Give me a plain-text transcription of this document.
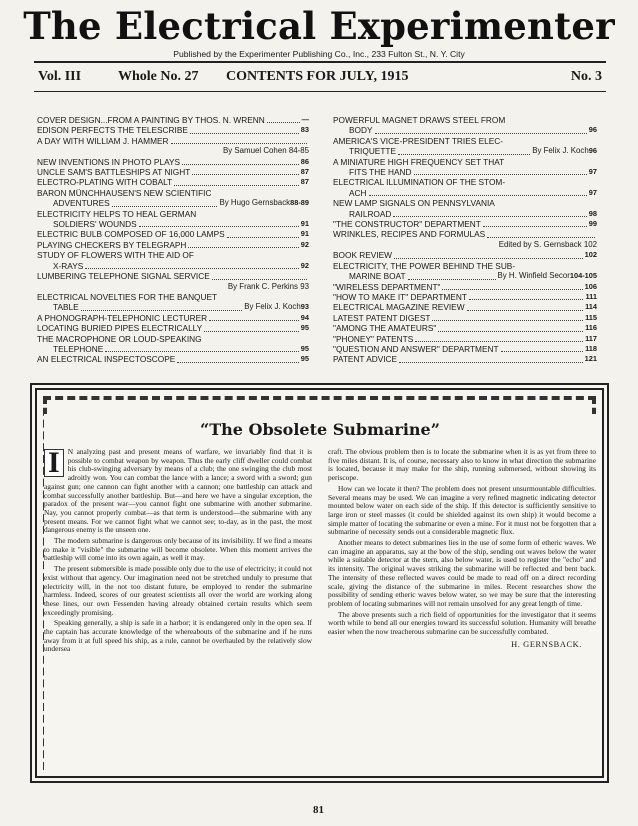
The Electrical Experimenter
Published by the Experimenter Publishing Co., Inc., 233 Fulton St., N. Y. City
Vol. III	Whole No. 27 CONTENTS FOR JULY, 1915	No. 3
COVER DESIGN...FROM A PAINTING BY THOS. N. WRENN	—
EDISON PERFECTS THE TELESCRIBE	83
A DAY WITH WILLIAM J. HAMMER
By Samuel Cohen 84-85
NEW INVENTIONS IN PHOTO PLAYS	86
UNCLE SAM'S BATTLESHIPS AT NIGHT	87
ELECTRO-PLATING WITH COBALT	87
BARON MÜNCHHAUSEN'S NEW SCIENTIFIC
ADVENTURES	By Hugo Gernsback 88-89
ELECTRICITY HELPS TO HEAL GERMAN
SOLDIERS' WOUNDS	91
ELECTRIC BULB COMPOSED OF 16,000 LAMPS	91
PLAYING CHECKERS BY TELEGRAPH	92
STUDY OF FLOWERS WITH THE AID OF
X-RAYS	92
LUMBERING TELEPHONE SIGNAL SERVICE
By Frank C. Perkins 93
ELECTRICAL NOVELTIES FOR THE BANQUET
TABLE	By Felix J. Koch 93
A PHONOGRAPH-TELEPHONIC LECTURER	94
LOCATING BURIED PIPES ELECTRICALLY	95
THE MACROPHONE OR LOUD-SPEAKING
TELEPHONE	95
AN ELECTRICAL INSPECTOSCOPE	95
POWERFUL MAGNET DRAWS STEEL FROM
BODY	96
AMERICA'S VICE-PRESIDENT TRIES ELEC-
TRIQUETTE	By Felix J. Koch 96
A MINIATURE HIGH FREQUENCY SET THAT
FITS THE HAND	97
ELECTRICAL ILLUMINATION OF THE STOM-
ACH	97
NEW LAMP SIGNALS ON PENNSYLVANIA
RAILROAD	98
"THE CONSTRUCTOR" DEPARTMENT	99
WRINKLES, RECIPES AND FORMULAS
Edited by S. Gernsback 102
BOOK REVIEW	102
ELECTRICITY, THE POWER BEHIND THE SUB-
MARINE BOAT	By H. Winfield Secor 104-105
"WIRELESS DEPARTMENT"	106
"HOW TO MAKE IT" DEPARTMENT	111
ELECTRICAL MAGAZINE REVIEW	114
LATEST PATENT DIGEST	115
"AMONG THE AMATEURS"	116
"PHONEY" PATENTS	117
"QUESTION AND ANSWER" DEPARTMENT	118
PATENT ADVICE	121
“The Obsolete Submarine”

I	N analyzing past and present means of warfare, we invariably find that it is possible to combat weapon by weapon. Thus the early cliff dweller could combat his club-swinging adversary by means of a club; the one swinging the club most adroitly won. You can combat the lance with a lance; a sword with a sword; gun against gun; one cannon can fight another with a cannon; one battleship can attack and combat successfully another battleship. But—and here we have a singular exception, the paradox of the present war—you cannot fight one submarine with another submarine. Nay, you cannot properly combat—as that term is understood—the submarine with any present means. For we cannot fight what we cannot see; to-day, as in the past, the most dangerous enemy is the unseen one.

The modern submarine is dangerous only because of its invisibility. If we find a means to make it "visible" the submarine will become obsolete. When this moment arrives the battleship will come into its own again, as well it may.

The present submersible is made possible only due to the use of electricity; it could not exist without that agency. Our imagination need not be stretched unduly to presume that electricity will, in the not too distant future, be employed to render the submarine harmless. Indeed, scores of our greatest scientists all over the world are working along these lines, our own Fessenden having already obtained certain results which seem exceedingly promising.

Speaking generally, a ship is safe in a harbor; it is endangered only in the open sea. If the captain has accurate knowledge of the whereabouts of the submarine and if he runs away from it at full speed his ship, as a rule, cannot be overhauled by the relatively slow undersea

craft. The obvious problem then is to locate the submarine when it is as yet from three to five miles distant. It is, of course, necessary also to know in what direction the submarine is located, because it may make for the ship, running submersed, without showing its periscope.

How can we locate it then? The problem does not present unsurmountable difficulties. Several means may be used. We can imagine a very refined magnetic indicating detector mounted below water on each side of the ship. If this detector is sufficiently sensitive to large iron or steel masses (it could be shielded against its own ship) it would become a simple matter of locating the submarine or even a mine. For it must not be forgotten that a submarine of necessity sends out a considerable magnetic flux.

Another means to detect submarines lies in the use of some form of etheric waves. We can imagine an apparatus, say at the bow of the ship, sending out waves below the water while a suitable detector at the stern, also below water, is used to register the "echo" and its intensity. The original waves striking the submarine will be reflected and bent back. The intensity of these reflected waves could be made to read off on a direct recording scale, giving the distance of the submarine in miles. Recent researches show the possibility of sending etheric waves below water, so we may be sure that the interesting problem of locating submarines will not remain unsolved for any great length of time.

The above presents such a rich field of opportunities for the investigator that it seems worth while to bend all our energies toward its successful solution. Humanity will breathe easier when the now treacherous submarine can be successfully combated.

H. GERNSBACK.
81
